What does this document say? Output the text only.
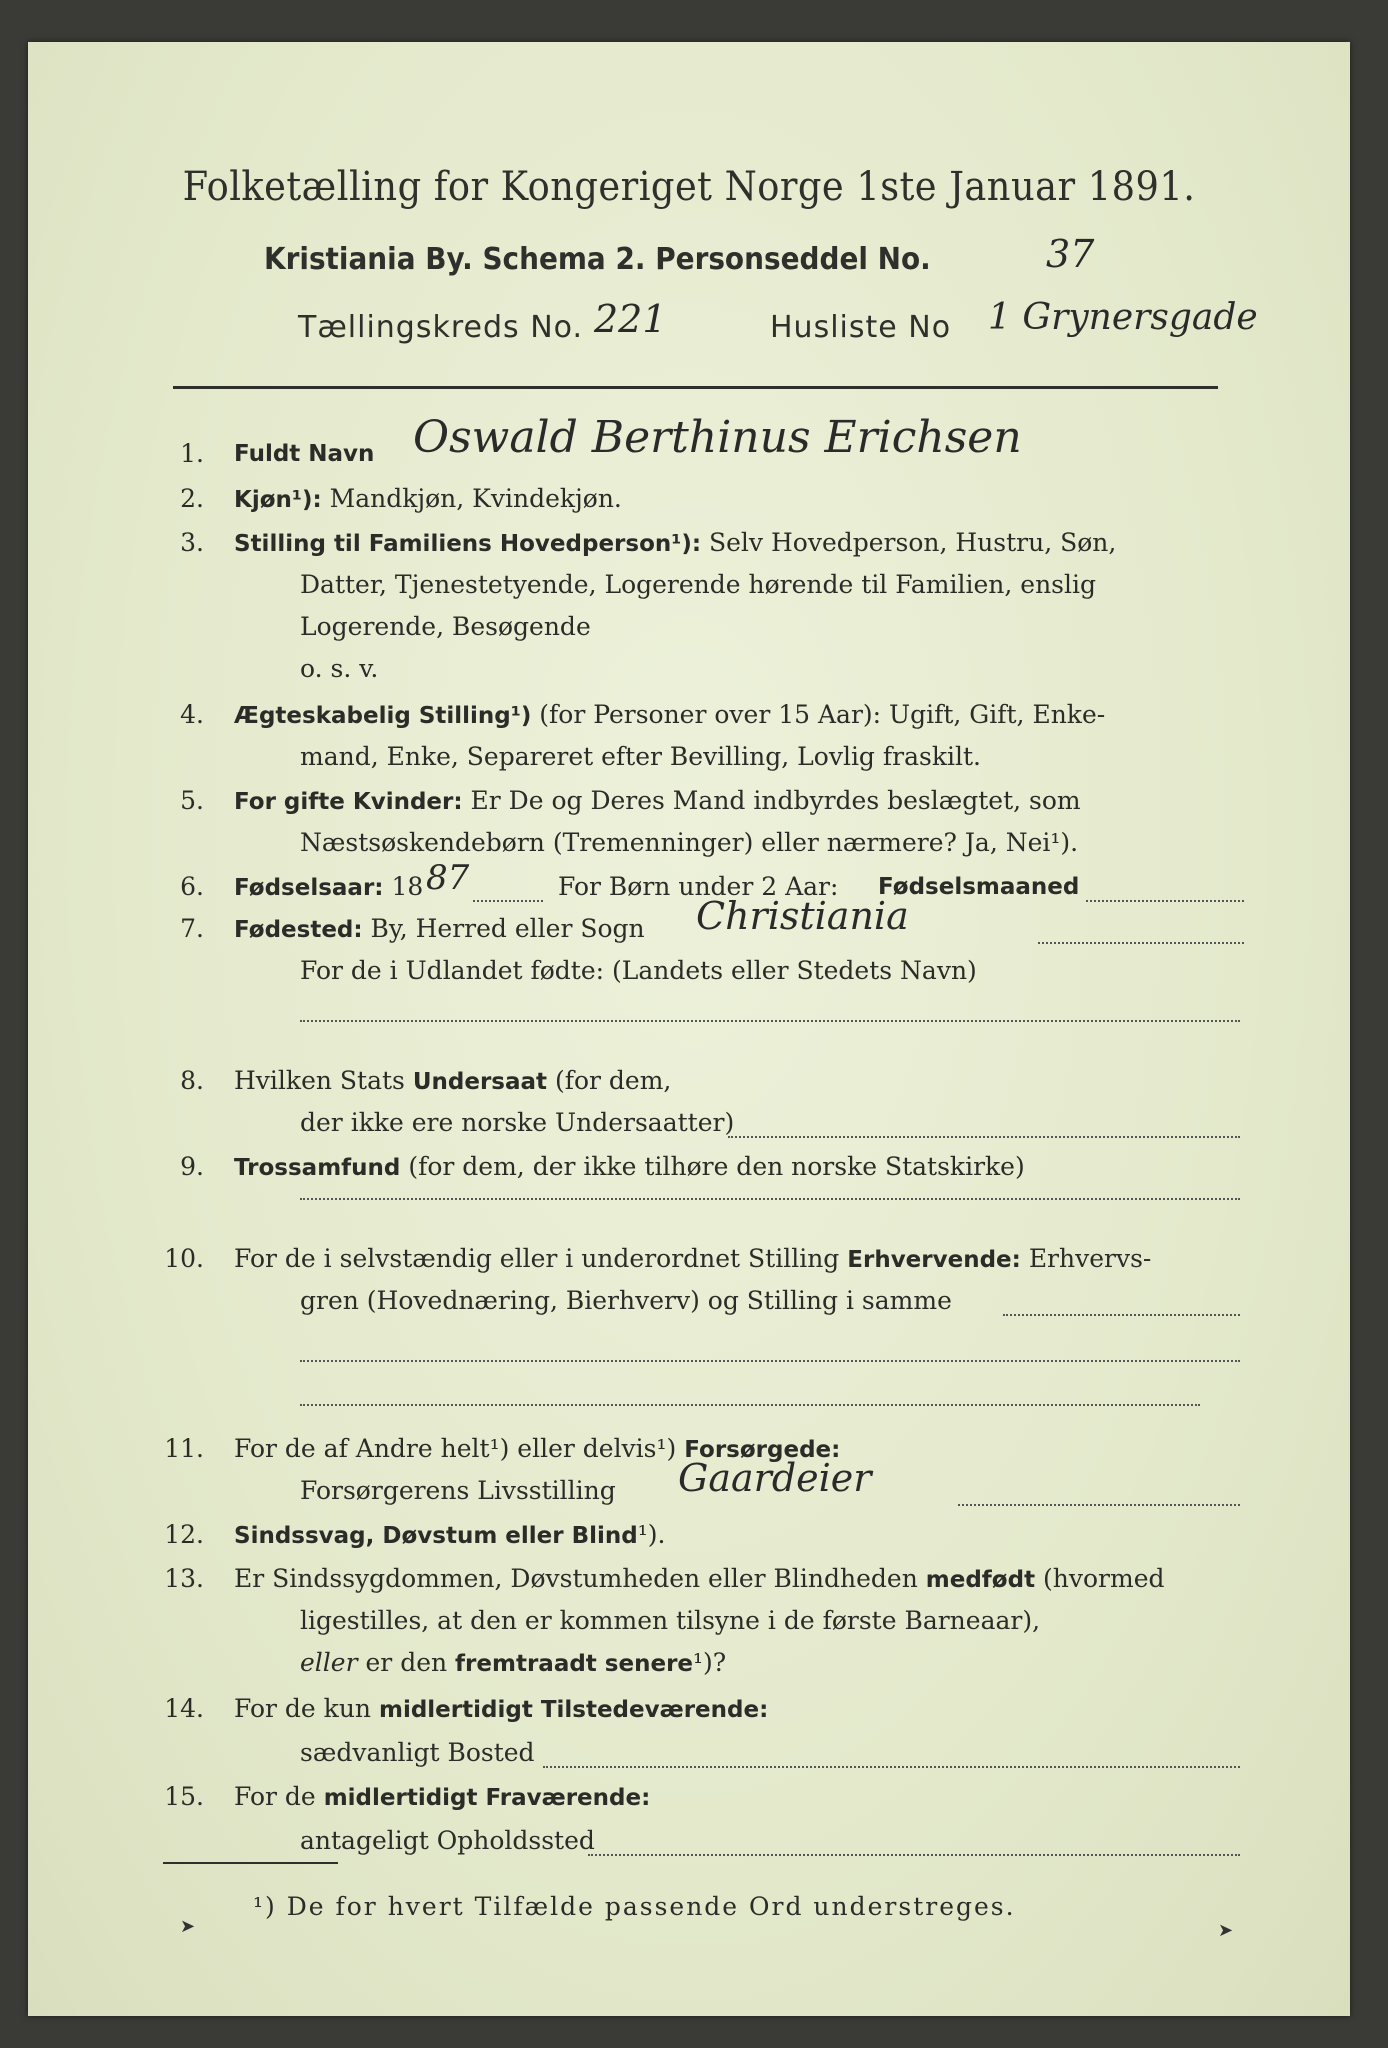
Folketælling for Kongeriget Norge 1ste Januar 1891.
Kristiania By. Schema 2. Personseddel No.	37
Tællingskreds No. 221	Husliste No 1 Grynersgade
1. Fuldt Navn Oswald Berthinus Erichsen
2. Kjøn¹): Mandkjøn, Kvindekjøn.
3. Stilling til Familiens Hovedperson¹): Selv Hovedperson, Hustru, Søn,
Datter, Tjenestetyende, Logerende hørende til Familien, enslig
Logerende, Besøgende
o. s. v.
4. Ægteskabelig Stilling¹) (for Personer over 15 Aar): Ugift, Gift, Enke-
mand, Enke, Separeret efter Bevilling, Lovlig fraskilt.
5. For gifte Kvinder: Er De og Deres Mand indbyrdes beslægtet, som
Næstsøskendebørn (Tremenninger) eller nærmere? Ja, Nei¹).
6. Fødselsaar: 18	For Børn under 2 Aar: Fødselsmaaned
87
7. Fødested: By, Herred eller Sogn Christiania
For de i Udlandet fødte: (Landets eller Stedets Navn)
8. Hvilken Stats Undersaat (for dem,
der ikke ere norske Undersaatter)
9. Trossamfund (for dem, der ikke tilhøre den norske Statskirke)
10. For de i selvstændig eller i underordnet Stilling Erhvervende: Erhvervs-
gren (Hovednæring, Bierhverv) og Stilling i samme
11. For de af Andre helt¹) eller delvis¹) Forsørgede:
Forsørgerens Livsstilling Gaardeier
12. Sindssvag, Døvstum eller Blind¹).
13. Er Sindssygdommen, Døvstumheden eller Blindheden medfødt (hvormed
ligestilles, at den er kommen tilsyne i de første Barneaar),
eller er den fremtraadt senere¹)?
14. For de kun midlertidigt Tilstedeværende:
sædvanligt Bosted
15. For de midlertidigt Fraværende:
antageligt Opholdssted
¹) De for hvert Tilfælde passende Ord understreges.
➤	➤
